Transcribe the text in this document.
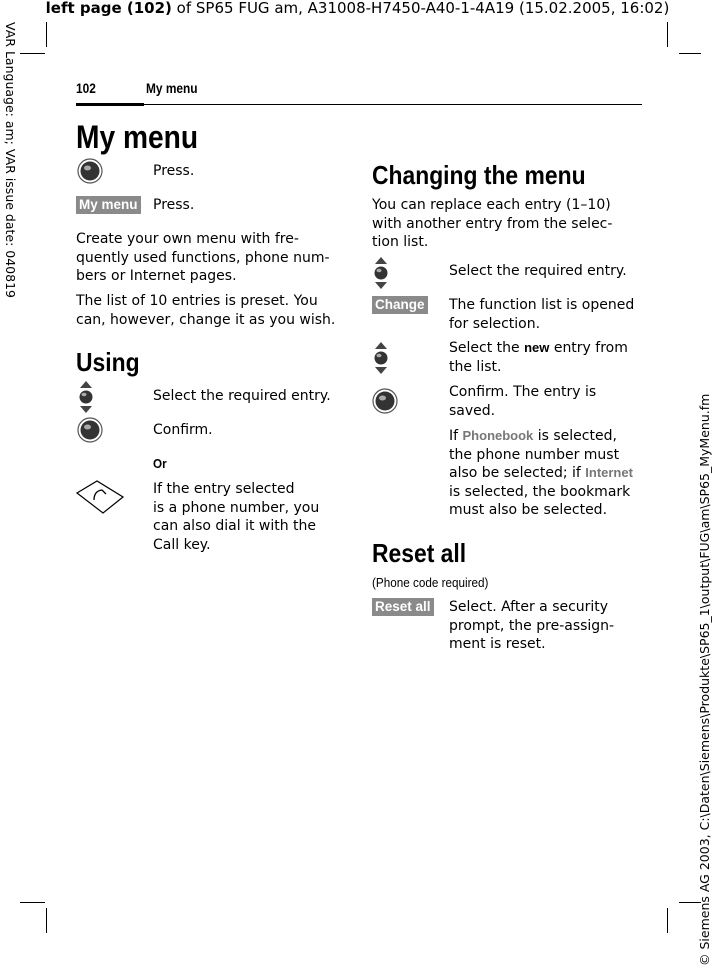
left page (102) of SP65 FUG am, A31008-H7450-A40-1-4A19 (15.02.2005, 16:02)
VAR Language: am; VAR issue date: 040819
© Siemens AG 2003, C:\Daten\Siemens\Produkte\SP65_1\output\FUG\am\SP65_MyMenu.fm
102	My menu
My menu
Press.
My menu Press.
Create your own menu with fre-
quently used functions, phone num-
bers or Internet pages.
The list of 10 entries is preset. You
can, however, change it as you wish.
Using
Select the required entry.
Confirm.
Or
If the entry selected
is a phone number, you
can also dial it with the
Call key.
Changing the menu
You can replace each entry (1–10)
with another entry from the selec-
tion list.
Select the required entry.
Change The function list is opened
for selection.
Select the new entry from
the list.
Confirm. The entry is
saved.
If Phonebook is selected,
the phone number must
also be selected; if Internet
is selected, the bookmark
must also be selected.
Reset all
(Phone code required)
Reset all Select. After a security
prompt, the pre-assign-
ment is reset.
